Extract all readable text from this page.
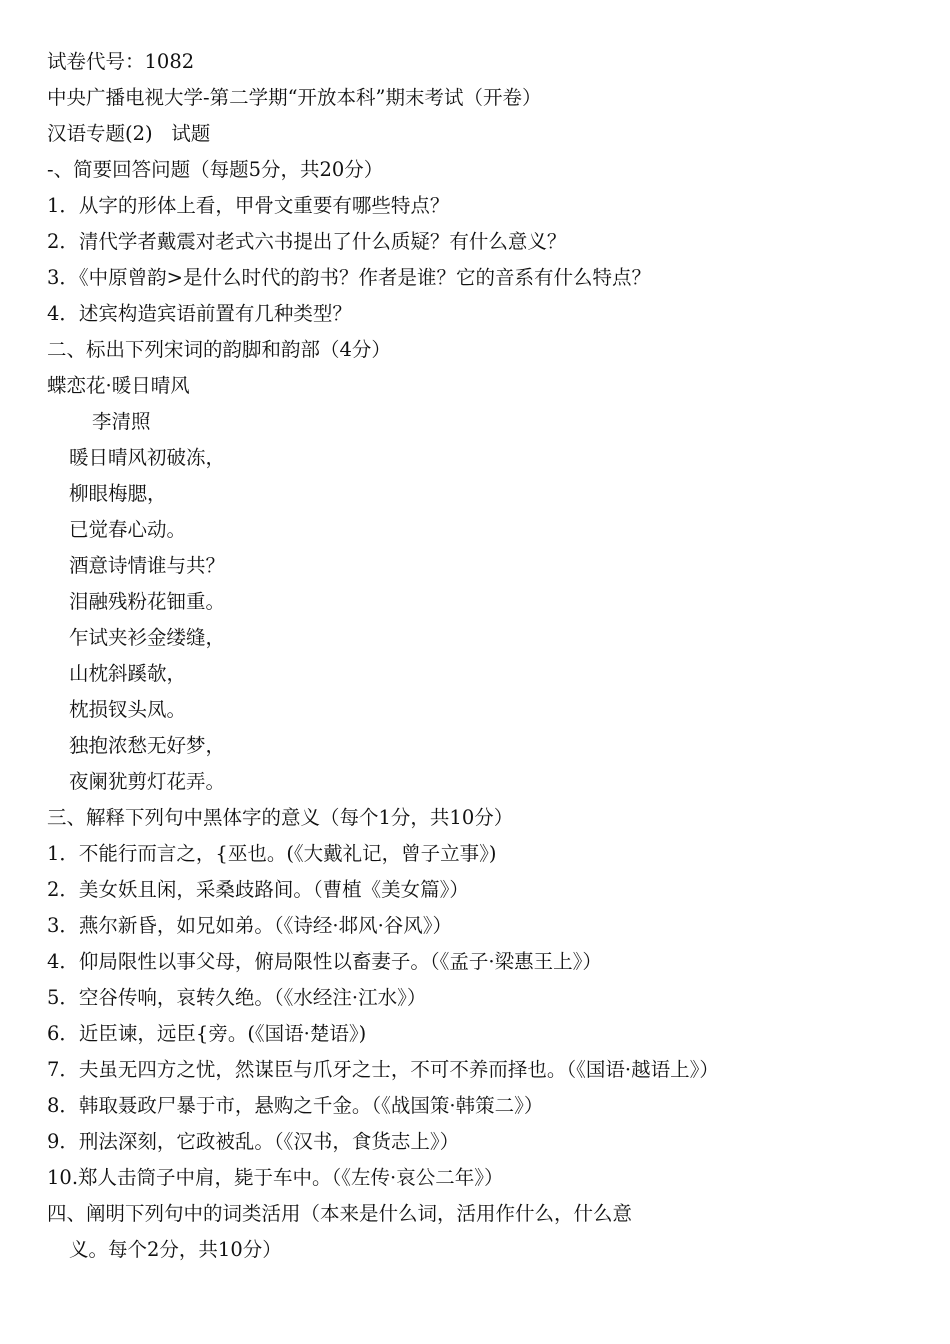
试卷代号：1082
中央广播电视大学-第二学期“开放本科”期末考试（开卷）
汉语专题(2)   试题
-、简要回答问题（每题5分，共20分）
1．从字的形体上看，甲骨文重要有哪些特点？
2．清代学者戴震对老式六书提出了什么质疑？有什么意义？
3．《中原曾韵>是什么时代的韵书？作者是谁？它的音系有什么特点？
4．述宾构造宾语前置有几种类型？
二、标出下列宋词的韵脚和韵部（4分）
蝶恋花·暖日晴风
李清照
暖日晴风初破冻，
柳眼梅腮，
已觉春心动。
酒意诗情谁与共？
泪融残粉花钿重。
乍试夹衫金缕缝，
山枕斜蹊欹，
枕损钗头凤。
独抱浓愁无好梦，
夜阑犹剪灯花弄。
三、解释下列句中黑体字的意义（每个1分，共10分）
1．不能行而言之，{巫也。(《大戴礼记，曾子立事》)
2．美女妖且闲，采桑歧路间。（曹植《美女篇》）
3．燕尔新昏，如兄如弟。（《诗经·邶风·谷风》）
4．仰局限性以事父母，俯局限性以畜妻子。（《孟子·梁惠王上》）
5．空谷传响，哀转久绝。（《水经注·江水》）
6．近臣谏，远臣{旁。(《国语·楚语》)
7．夫虽无四方之忧，然谋臣与爪牙之士，不可不养而择也。（《国语·越语上》）
8．韩取聂政尸暴于市，悬购之千金。（《战国策·韩策二》）
9．刑法深刻，它政被乱。（《汉书，食货志上》）
10.郑人击筒子中肩，毙于车中。（《左传·哀公二年》）
四、阐明下列句中的词类活用（本来是什么词，活用作什么，什么意
义。每个2分，共10分）
